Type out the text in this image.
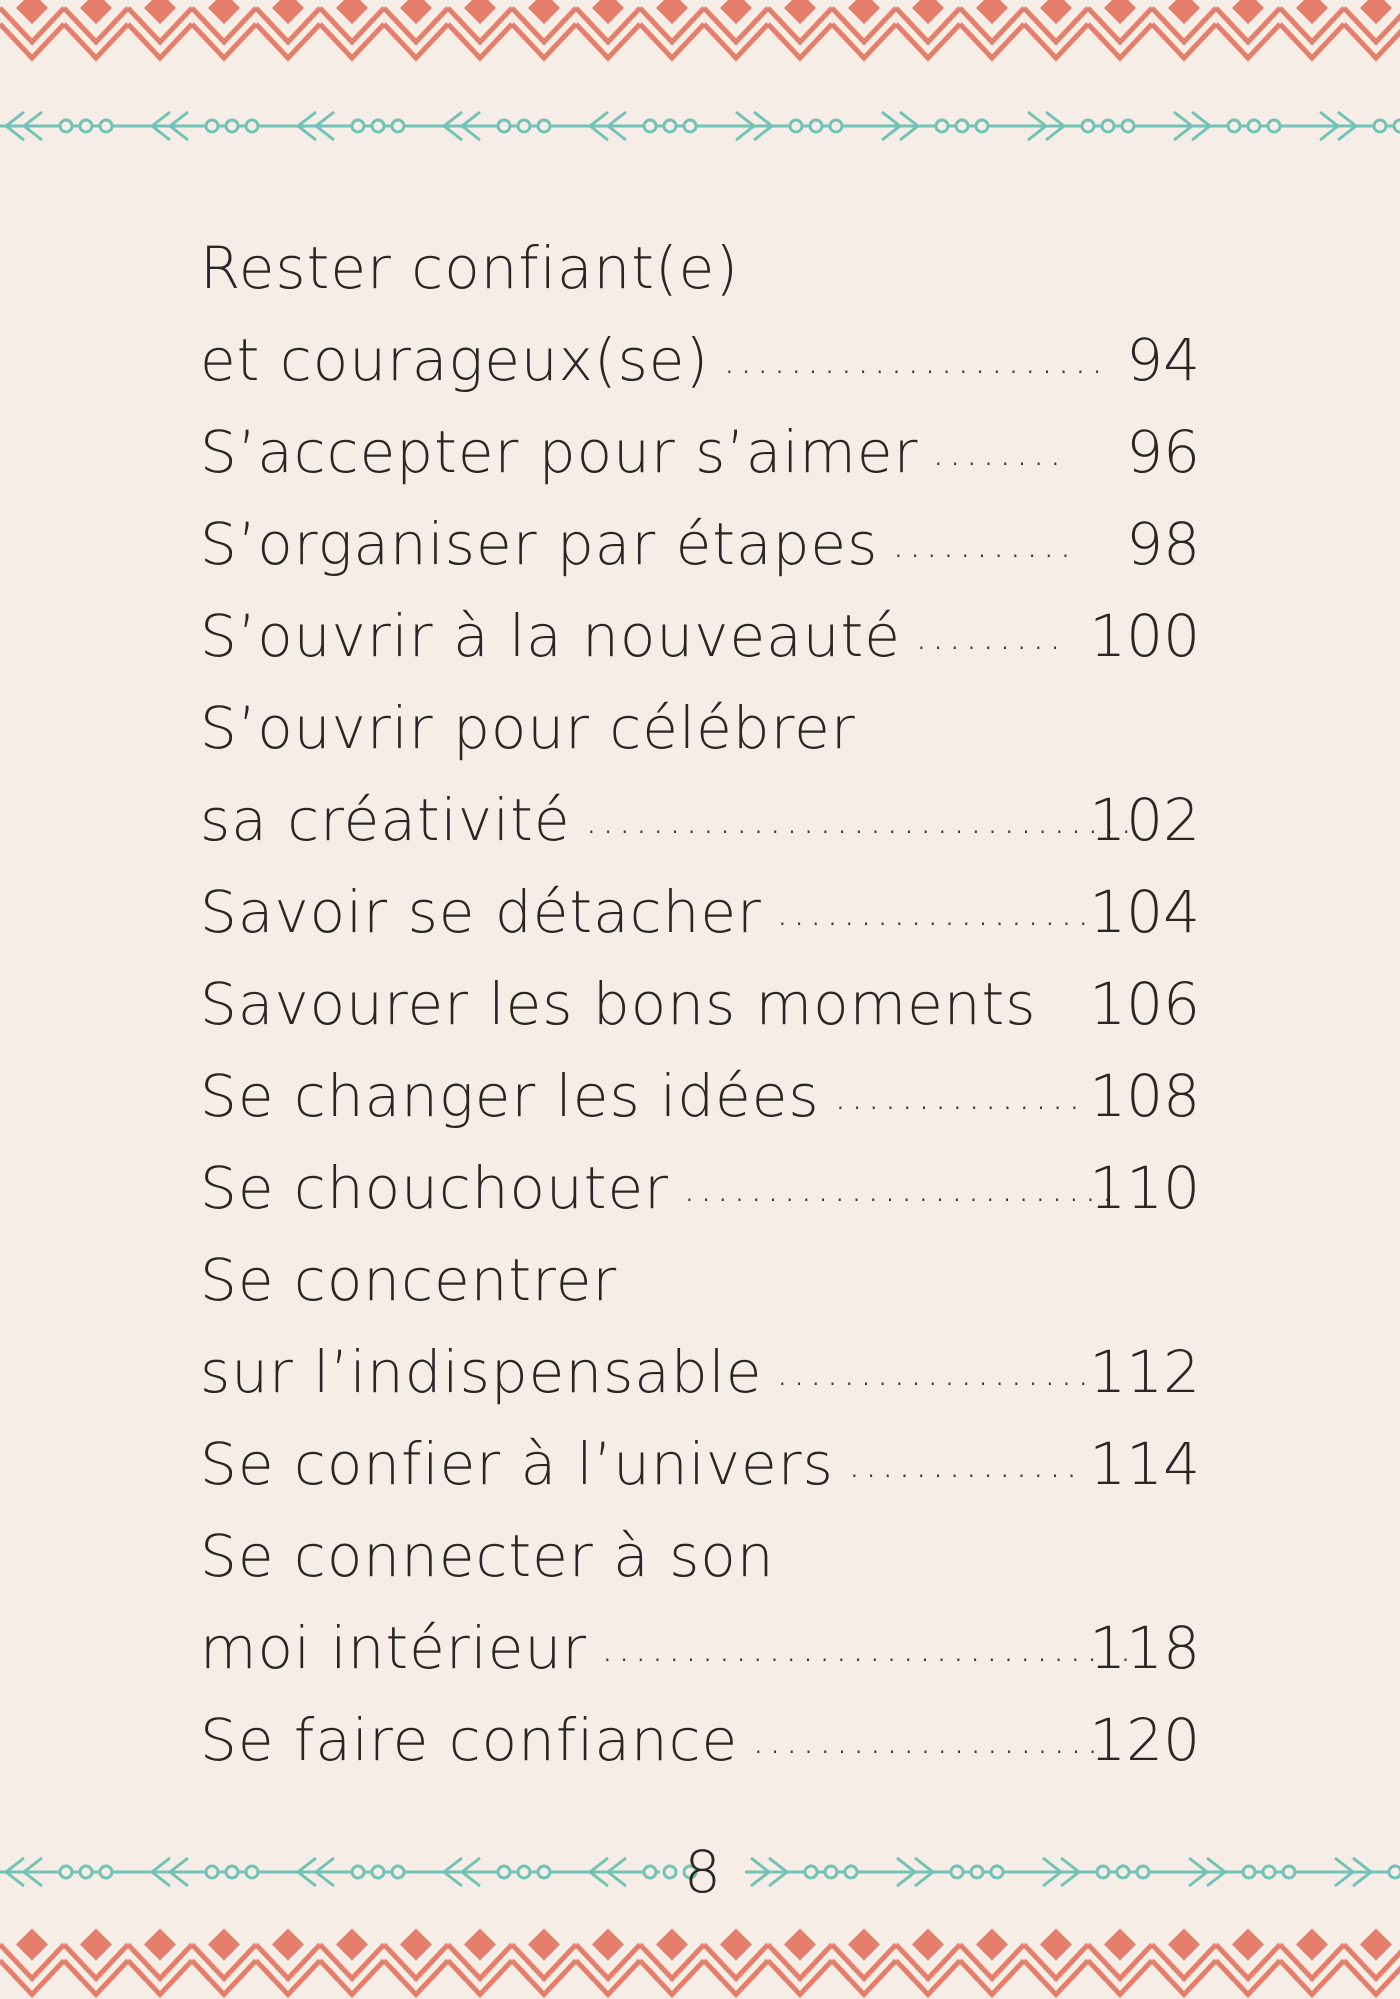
Rester confiant(e)
et courageux(se) ....................... 94
S’accepter pour s’aimer ........	96
S’organiser par étapes ........... 98
S’ouvrir à la nouveauté ......... 100
S’ouvrir pour célébrer
sa créativité .................................
102
Savoir se détacher ...................
104
Savourer les bons moments 106
Se changer les idées ............... 108
Se chouchouter ..........................
110
Se concentrer
sur l’indispensable ...................
112
Se confier à l’univers .............. 114
Se connecter à son
moi intérieur ................................
118
Se faire confiance .....................
120
8
